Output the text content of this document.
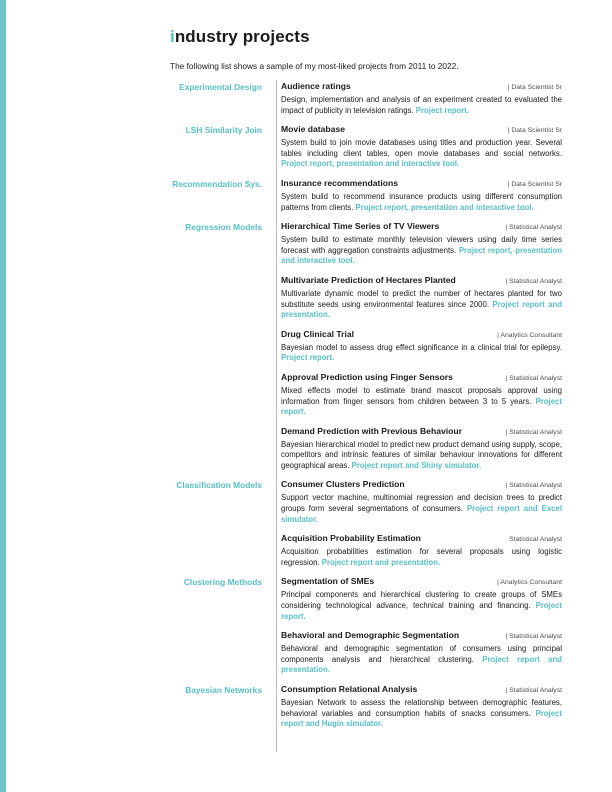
industry projects
The following list shows a sample of my most-liked projects from 2011 to 2022.
Experimental Design	Audience ratings	| Data Scientist Sr
Design, implementation and analysis of an experiment created to evaluated the impact of publicity in television ratings. Project report.
LSH Similarity Join	Movie database	| Data Scientist Sr
System build to join movie databases using titles and production year. Several tables including client tables, open movie databases and social networks. Project report, presentation and interactive tool.
Recommendation Sys.	Insurance recommendations	| Data Scientist Sr
System build to recommend insurance products using different consumption patterns from clients. Project report, presentation and interactive tool.
Regression Models	Hierarchical Time Series of TV Viewers	| Statistical Analyst
System build to estimate monthly television viewers using daily time series forecast with aggregation constraints adjustments. Project report, presentation and interactive tool.
Multivariate Prediction of Hectares Planted	| Statistical Analyst
Multivariate dynamic model to predict the number of hectares planted for two substitute seeds using environmental features since 2000. Project report and presentation.
Drug Clinical Trial	| Analytics Consultant
Bayesian model to assess drug effect significance in a clinical trial for epilepsy. Project report.
Approval Prediction using Finger Sensors	| Statistical Analyst
Mixed effects model to estimate brand mascot proposals approval using information from finger sensors from children between 3 to 5 years. Project report.
Demand Prediction with Previous Behaviour	| Statistical Analyst
Bayesian hierarchical model to predict new product demand using supply, scope, competitors and intrinsic features of similar behaviour innovations for different geographical areas. Project report and Shiny simulator.
Classification Models	Consumer Clusters Prediction	| Statistical Analyst
Support vector machine, multinomial regression and decision trees to predict groups form several segmentations of consumers. Project report and Excel simulator.
Acquisition Probability Estimation	Statistical Analyst
Acquisition probabilities estimation for several proposals using logistic regression. Project report and presentation.
Clustering Methods	Segmentation of SMEs	| Analytics Consultant
Principal components and hierarchical clustering to create groups of SMEs considering technological advance, technical training and financing. Project report.
Behavioral and Demographic Segmentation	| Statistical Analyst
Behavioral and demographic segmentation of consumers using principal components analysis and hierarchical clustering. Project report and presentation.
Bayesian Networks	Consumption Relational Analysis	| Statistical Analyst
Bayesian Network to assess the relationship between demographic features, behavioral variables and consumption habits of snacks consumers. Project report and Hugin simulator.
